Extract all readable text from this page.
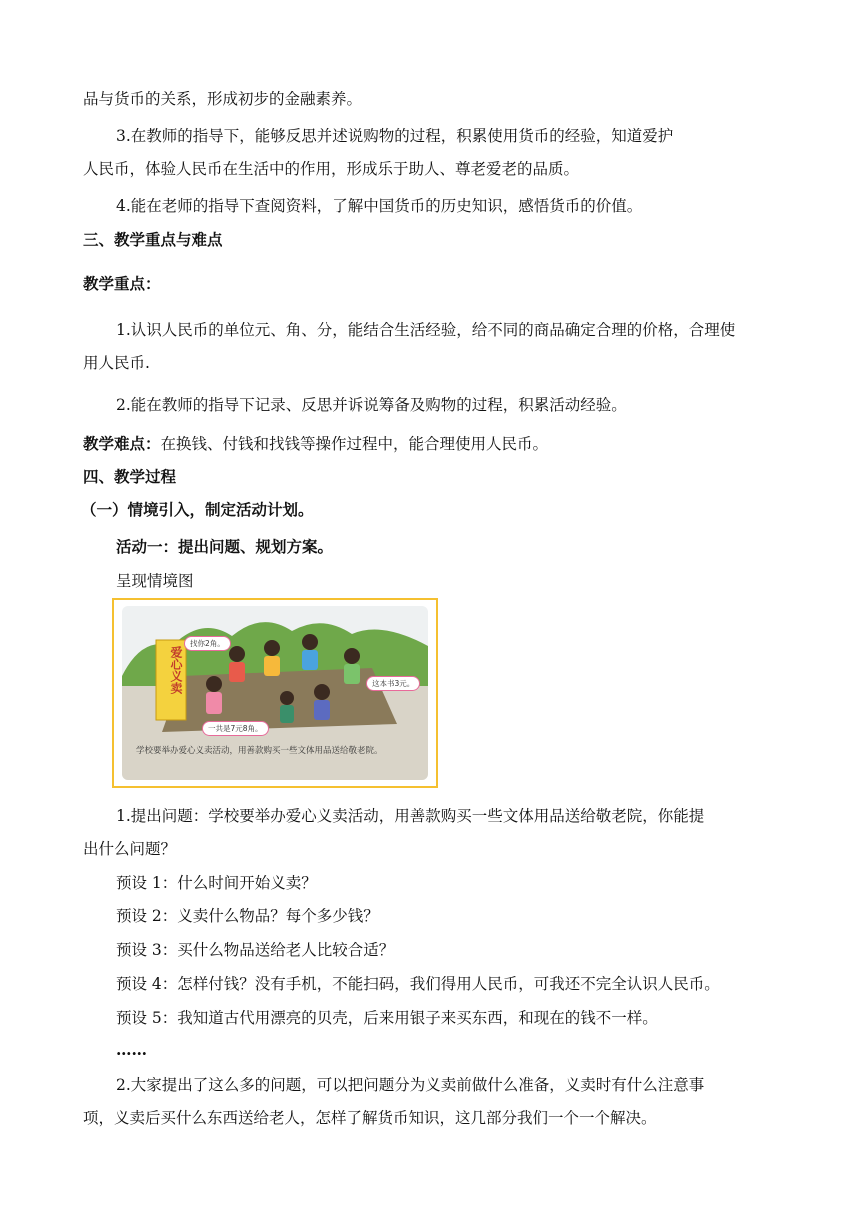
品与货币的关系，形成初步的金融素养。
3.在教师的指导下，能够反思并述说购物的过程，积累使用货币的经验，知道爱护
人民币，体验人民币在生活中的作用，形成乐于助人、尊老爱老的品质。
4.能在老师的指导下查阅资料，了解中国货币的历史知识，感悟货币的价值。
三、教学重点与难点
教学重点：
1.认识人民币的单位元、角、分，能结合生活经验，给不同的商品确定合理的价格，合理使
用人民币.
2.能在教师的指导下记录、反思并诉说筹备及购物的过程，积累活动经验。
教学难点：在换钱、付钱和找钱等操作过程中，能合理使用人民币。
四、教学过程
（一）情境引入，制定活动计划。
活动一：提出问题、规划方案。
呈现情境图
爱心义卖
找你2角。
这本书3元。
一共是7元8角。
学校要举办爱心义卖活动，用善款购买一些文体用品送给敬老院。
1.提出问题：学校要举办爱心义卖活动，用善款购买一些文体用品送给敬老院，你能提
出什么问题？
预设 1：什么时间开始义卖？
预设 2：义卖什么物品？每个多少钱？
预设 3：买什么物品送给老人比较合适？
预设 4：怎样付钱？没有手机，不能扫码，我们得用人民币，可我还不完全认识人民币。
预设 5：我知道古代用漂亮的贝壳，后来用银子来买东西，和现在的钱不一样。
……
2.大家提出了这么多的问题，可以把问题分为义卖前做什么准备，义卖时有什么注意事
项，义卖后买什么东西送给老人，怎样了解货币知识，这几部分我们一个一个解决。
